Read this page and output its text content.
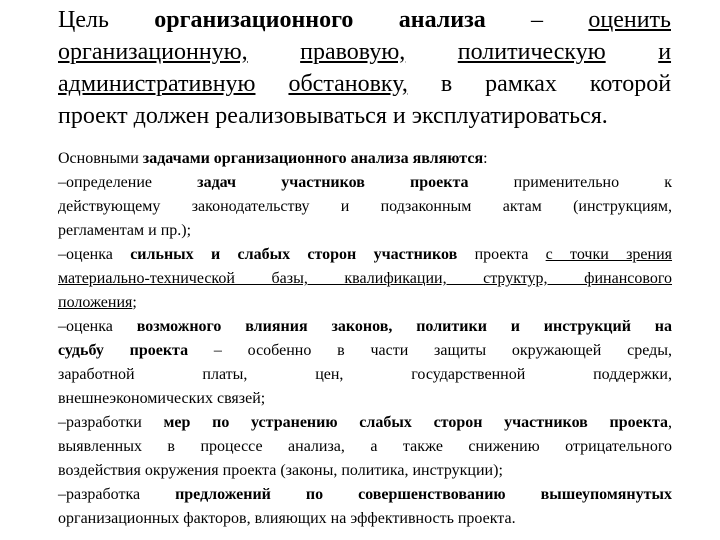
Цель организационного анализа – оценить
организационную, правовую, политическую и
административную обстановку, в рамках которой
проект должен реализовываться и эксплуатироваться.
Основными задачами организационного анализа являются:
–определение задач участников проекта применительно к
действующему законодательству и подзаконным актам (инструкциям,
регламентам и пр.);
–оценка сильных и слабых сторон участников проекта с точки зрения
материально-технической базы, квалификации, структур, финансового
положения;
–оценка возможного влияния законов, политики и инструкций на
судьбу проекта – особенно в части защиты окружающей среды,
заработной платы, цен, государственной поддержки,
внешнеэкономических связей;
–разработки мер по устранению слабых сторон участников проекта,
выявленных в процессе анализа, а также снижению отрицательного
воздействия окружения проекта (законы, политика, инструкции);
–разработка предложений по совершенствованию вышеупомянутых
организационных факторов, влияющих на эффективность проекта.
